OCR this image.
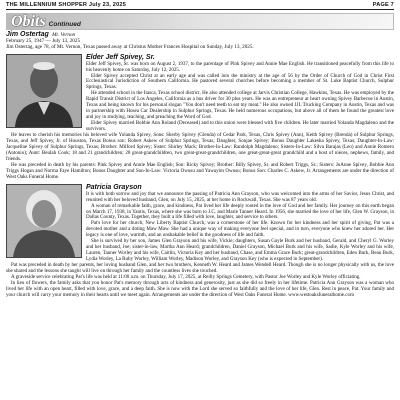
THE MILLENNIUM SHOPPER July 23, 2025	PAGE 7
Obits Continued
Jim Ostertag Mt. Vernon
February 25, 1947 — July 13, 2025
Jim Ostertag, age 78, of Mt. Vernon, Texas passed away at Christus Mother Frances Hospital on Sunday, July 13, 2025.
Elder Jeff Spivey, Sr.

Elder Jeff Spivey, Sr. was born on August 2, 1937, to the parentage of Pink Spivey and Annie Mae English. He transitioned peacefully from this life to his heavenly home on Saturday, July 12, 2025.

Elder Spivey accepted Christ at an early age and was called into the ministry at the age of 56 by the Order of Church of God in Christ First Ecclesiastical Jurisdiction of Southern California. He pastored several churches before becoming a member of St. Luke Baptist Church, Sulphur Springs, Texas.

He attended school in the Itasca, Texas school district. He also attended college at Jarvis Christian College, Hawkins, Texas. He was employed by the Rapid Transit District of Los Angeles, California as a bus driver for 30 plus years. He was an entrepreneur at heart owning Spivey Barbecue in Austin, Texas and being known for his personal slogan "You don't need teeth to eat my meat." He also owned JJL Trucking Company in Austin, Texas and was in partnership with Hosea Car Dealership in Sulphur Springs, Texas. He held numerous occupations, but above all of them he found the greatest love and joy in studying, teaching, and preaching the Word of God.

Elder Spivey married Bobbie Ann Roland (Deceased) and to this union were blessed with five children. He later married Yolanda Magdaleno and the survivors.

He leaves to cherish his memories his beloved wife Yolanda Spivey, Sons: Sherby Spivey (Glenda) of Cedar Park, Texas, Chris Spivey (Ann), Keith Spivey (Brenda) of Sulphur Springs, Texas, and Jeff Spivey, Jr. of Houston, Texas Bonus son: Robert Askew of Sulphur Springs, Texas; Daughter, Sonjae Spivey; Bonus Daughter Lakesha Spivey, Texas; Daughter-In-Law: Jacqueline Spivey of Sulphur Springs, Texas; Brother: Milford Spivey; Sister: Shirley Mack; Brother-In-Law: Randolph Magdaleno; Sisters-In-Law: Silva Barajas (Leo) and Annie Romero (Antonio); Aunt: Beulah Cook; 18 and 21 grandchildren; 28 great-grandchildren, two great-great-grandchildren, one great-great-great grandchild and a host of nieces, nephews, family, and friends.

He was preceded in death by his parents: Pink Spivey and Annie Mae English; Son: Ricky Spivey; Brother: Billy Spivey, Sr. and Robert Triggs, Sr.; Sisters: JoAnne Spivey, Bobbie Ann Triggs Hogan and Norma Faye Hamilton; Bonus Daughter and Son-In-Law: Victoria Owusu and Yawayim Owusu; Bonus Son: Charles C. Askew, Jr. Arrangements are under the direction of West Oaks Funeral Home.

Patricia Grayson

It is with both sorrow and joy that we announce the passing of Patricia Ann Grayson, who was welcomed into the arms of her Savior, Jesus Christ, and reunited with her beloved husband, Glen, on July 15, 2025, at her home in Rockwall, Texas. She was 87 years old.

A woman of remarkable faith, grace, and kindness, Pat lived her life deeply rooted in the love of God and her family. Her journey on this earth began on March 17, 1938, in Yantis, Texas, where she was born to J.C. and Marie Tanner Heard. In 1956, she married the love of her life, Glen W. Grayson, in Dallas County, Texas. Together, they built a life filled with love, laughter, and service to others.

Pat's love for her church, New Liberty Baptist Church, was a cornerstone of her life. Known for her kindness and her spirit of giving, Pat was a devoted mother and a doting Maw Maw. She had a unique way of making everyone feel special, and in turn, everyone who knew her adored her. Her legacy is one of love, warmth, and an unshakable belief in the goodness of life and faith.

She is survived by her son, James Glen Grayson and his wife, Vickie; daughters, Susan Gayle Burk and her husband, Gerald, and Cheryl G. Worley and her husband, Joe; sister-in-law, Martha Ann Heard; grandchildren, Daniel Grayson, Michael Burk and his wife, Sadie, Kyle Worley and his wife, Lauren, Tanner Worley and his wife, Caitlin, Victoria Key and her husband, Chase, and Emma Grace Burk; great-grandchildren, Eden Burk, Beau Burk, Lydia Worley, La Ruby Worley, William Worley, Madison Worley, and Grayson Key (who is expected in September).

Pat was preceded in death by her parents, her loving husband Glen, and her two brothers, Kenneth W. Heard and James Wendell Heard. Though she is no longer physically with us, the love she shared and the lessons she taught will live on through her family and the countless lives she touched.

A graveside service celebrating Pat's life was held at 11:00 a.m. on Thursday, July 17, 2025, at Reilly Springs Cemetery, with Pastor Joe Worley and Kyle Worley officiating.

In lieu of flowers, the family asks that you honor Pat's memory through acts of kindness and generosity, just as she did so freely in her lifetime. Patricia Ann Grayson was a woman who lived her life with an open heart, filled with love, grace, and a deep faith. She is now with the Lord she served so faithfully and the love of her life, Glen. Rest in peace, Pat. Your family and your church will carry your memory in their hearts until we meet again. Arrangements are under the direction of West Oaks Funeral Home. www.westoaksfuneralhome.com
